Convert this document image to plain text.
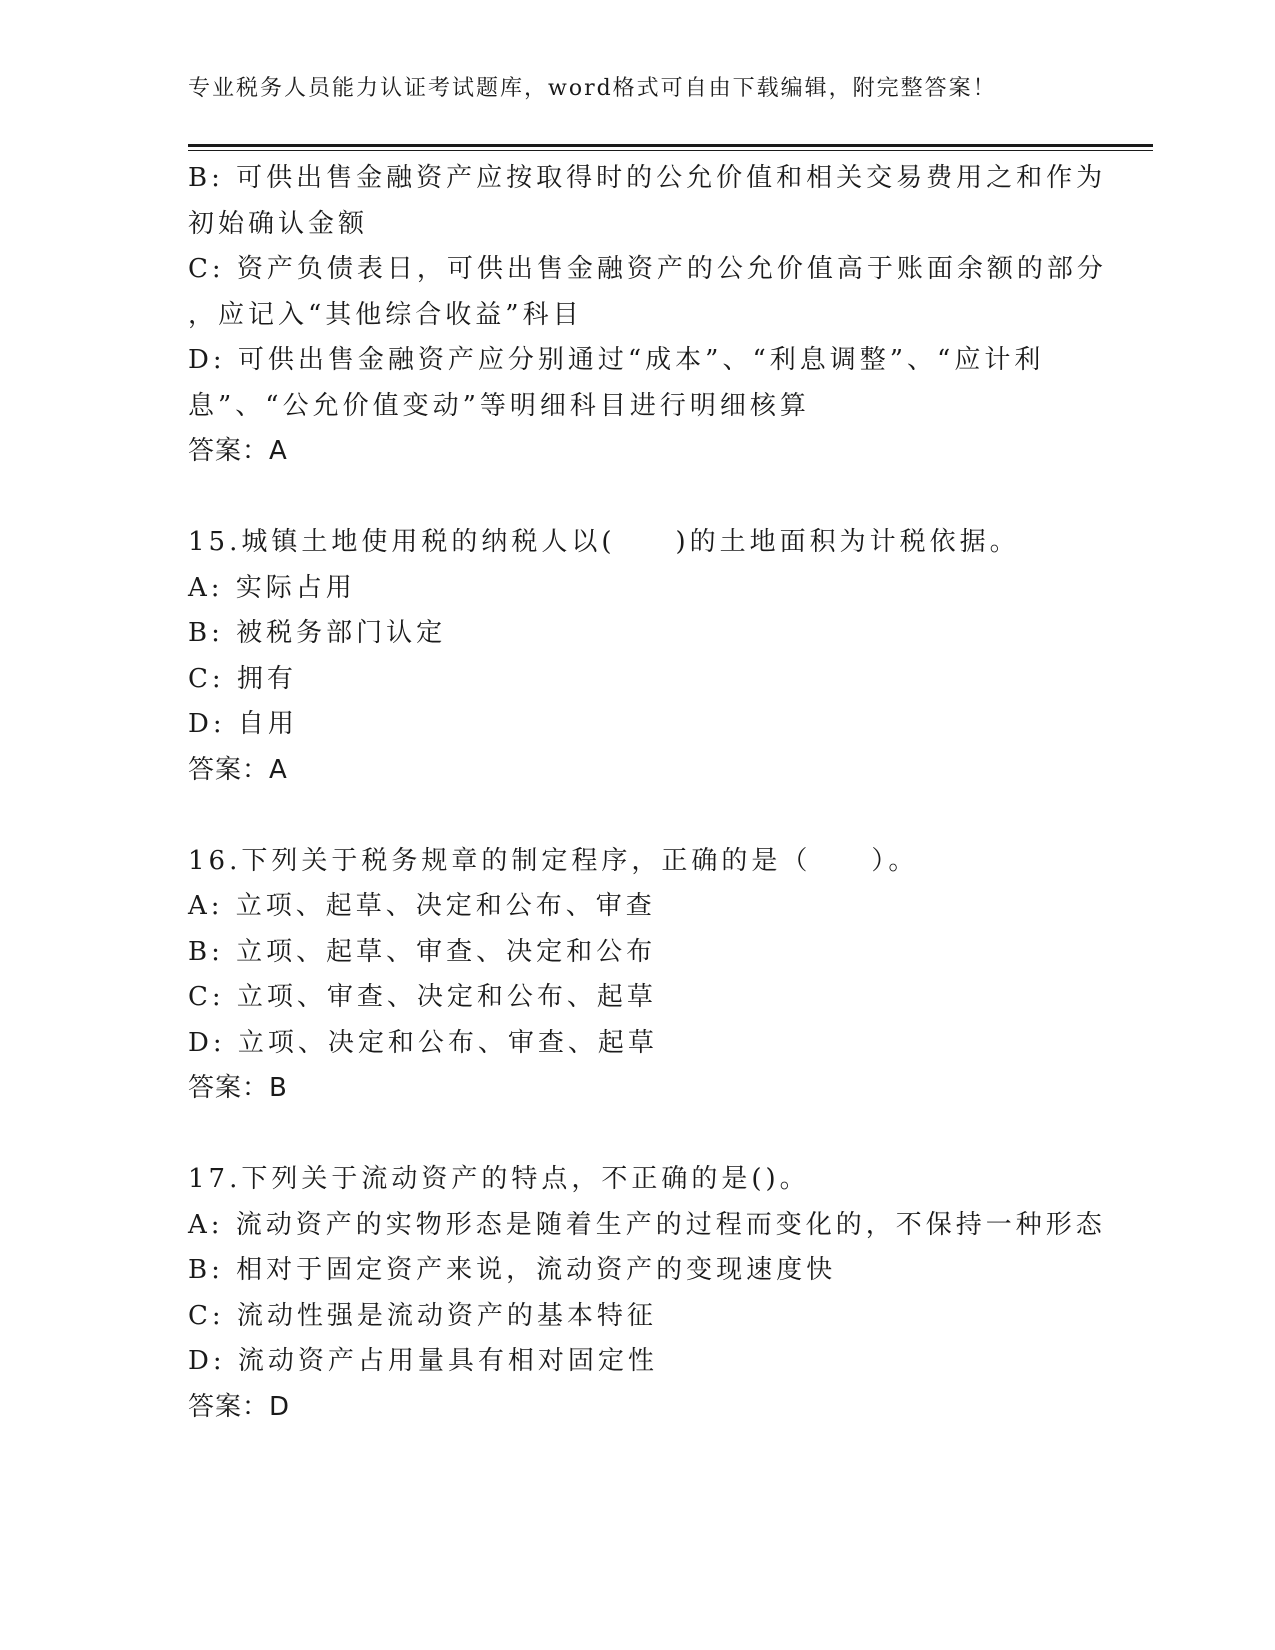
专业税务人员能力认证考试题库，word格式可自由下载编辑，附完整答案！
B: 可供出售金融资产应按取得时的公允价值和相关交易费用之和作为
初始确认金额
C: 资产负债表日，可供出售金融资产的公允价值高于账面余额的部分
，应记入“其他综合收益”科目
D: 可供出售金融资产应分别通过“成本”、“利息调整”、“应计利
息”、“公允价值变动”等明细科目进行明细核算
答案：A
15.城镇土地使用税的纳税人以(　　)的土地面积为计税依据。
A: 实际占用
B: 被税务部门认定
C: 拥有
D: 自用
答案：A
16.下列关于税务规章的制定程序，正确的是（　　）。
A: 立项、起草、决定和公布、审查
B: 立项、起草、审查、决定和公布
C: 立项、审查、决定和公布、起草
D: 立项、决定和公布、审查、起草
答案：B
17.下列关于流动资产的特点，不正确的是()。
A: 流动资产的实物形态是随着生产的过程而变化的，不保持一种形态
B: 相对于固定资产来说，流动资产的变现速度快
C: 流动性强是流动资产的基本特征
D: 流动资产占用量具有相对固定性
答案：D
